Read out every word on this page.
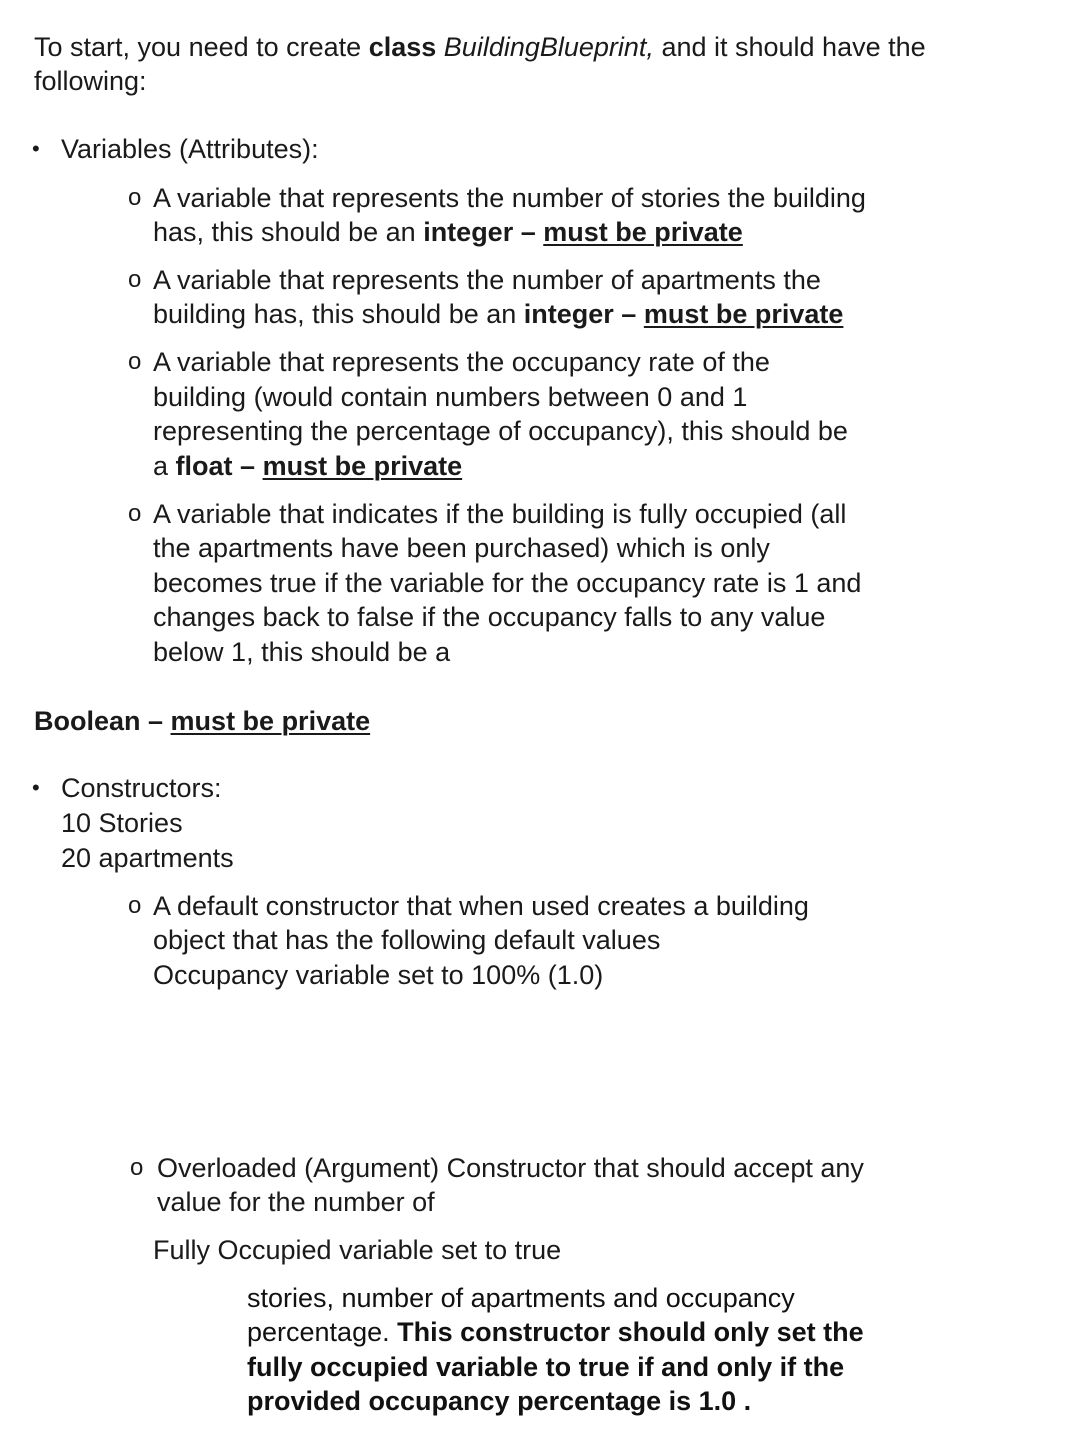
To start, you need to create class BuildingBlueprint, and it should have the
following:
• Variables (Attributes):
o A variable that represents the number of stories the building
has, this should be an integer – must be private
o A variable that represents the number of apartments the
building has, this should be an integer – must be private
o A variable that represents the occupancy rate of the
building (would contain numbers between 0 and 1
representing the percentage of occupancy), this should be
a float – must be private
o A variable that indicates if the building is fully occupied (all
the apartments have been purchased) which is only
becomes true if the variable for the occupancy rate is 1 and
changes back to false if the occupancy falls to any value
below 1, this should be a
Boolean – must be private
• Constructors:
10 Stories
20 apartments
o A default constructor that when used creates a building
object that has the following default values
Occupancy variable set to 100% (1.0)
o Overloaded (Argument) Constructor that should accept any
value for the number of
Fully Occupied variable set to true
stories, number of apartments and occupancy
percentage. This constructor should only set the
fully occupied variable to true if and only if the
provided occupancy percentage is 1.0 .
